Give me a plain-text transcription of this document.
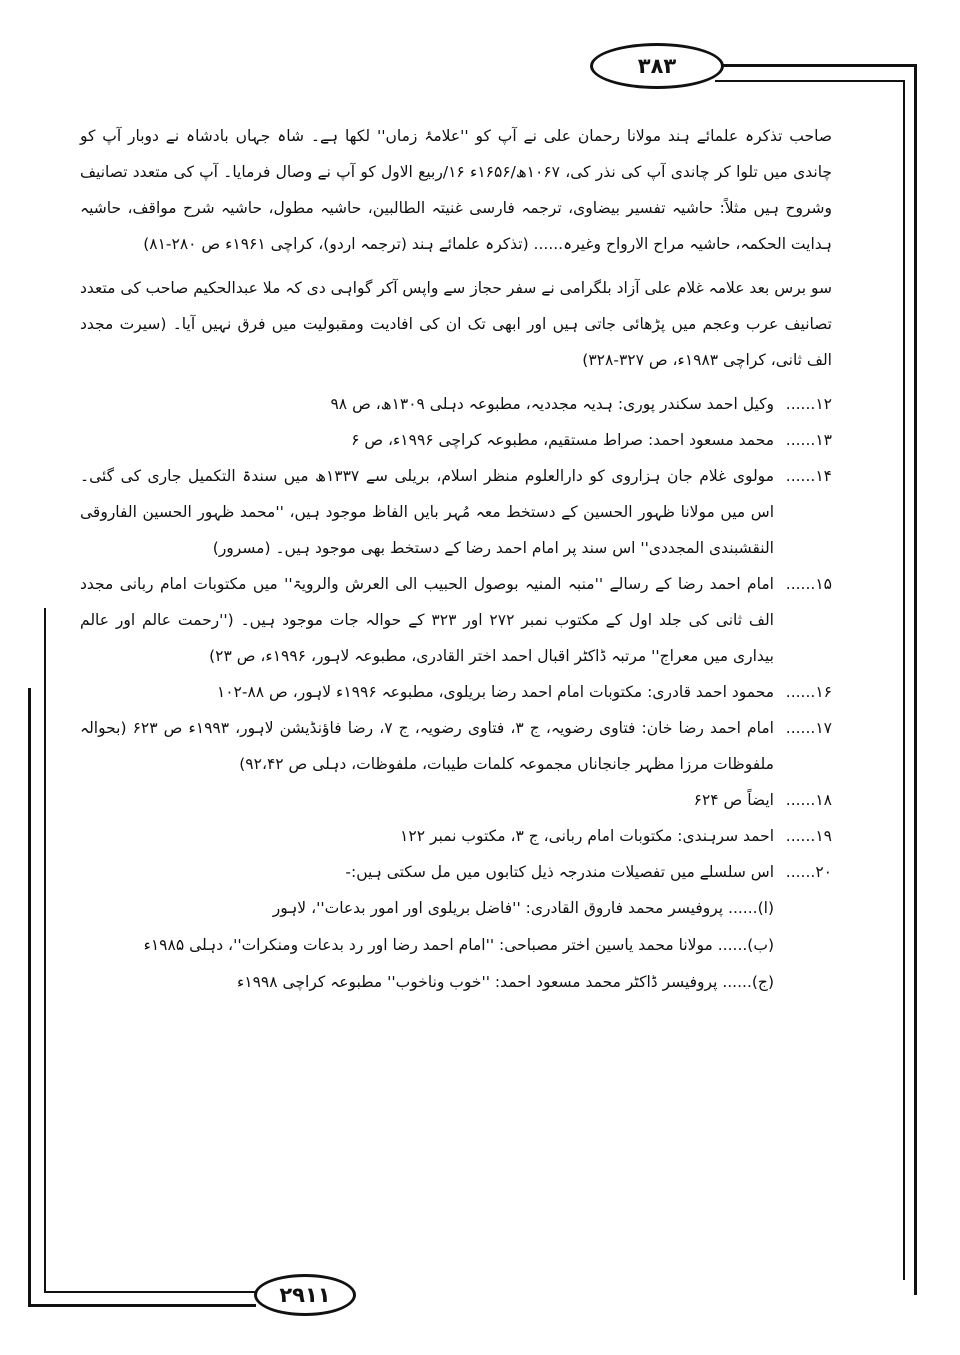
۳۸۳

صاحب تذکرہ علمائے ہند مولانا رحمان علی نے آپ کو ''علامۂ زماں'' لکھا ہے۔ شاہ جہاں بادشاہ نے دوبار آپ کو چاندی میں تلوا کر چاندی آپ کی نذر کی، ۱۰۶۷ھ/۱۶۵۶ء ۱۶/ربیع الاول کو آپ نے وصال فرمایا۔ آپ کی متعدد تصانیف وشروح ہیں مثلاً: حاشیہ تفسیر بیضاوی، ترجمہ فارسی غنیتہ الطالبین، حاشیہ مطول، حاشیہ شرح مواقف، حاشیہ ہدایت الحکمہ، حاشیہ مراح الارواح وغیرہ...... (تذکرہ علمائے ہند (ترجمہ اردو)، کراچی ۱۹۶۱ء ص ۲۸۰-۸۱)

سو برس بعد علامہ غلام علی آزاد بلگرامی نے سفر حجاز سے واپس آکر گواہی دی کہ ملا عبدالحکیم صاحب کی متعدد تصانیف عرب وعجم میں پڑھائی جاتی ہیں اور ابھی تک ان کی افادیت ومقبولیت میں فرق نہیں آیا۔ (سیرت مجدد الف ثانی، کراچی ۱۹۸۳ء، ص ۳۲۷-۳۲۸)

۱۲......
وکیل احمد سکندر پوری: ہدیہ مجددیہ، مطبوعہ دہلی ۱۳۰۹ھ، ص ۹۸
۱۳......
محمد مسعود احمد: صراط مستقیم، مطبوعہ کراچی ۱۹۹۶ء، ص ۶
۱۴......
مولوی غلام جان ہزاروی کو دارالعلوم منظر اسلام، بریلی سے ۱۳۳۷ھ میں سندۃ التکمیل جاری کی گئی۔ اس میں مولانا ظہور الحسین کے دستخط معہ مُہر بایں الفاظ موجود ہیں، ''محمد ظہور الحسین الفاروقی النقشبندی المجددی'' اس سند پر امام احمد رضا کے دستخط بھی موجود ہیں۔ (مسرور)
۱۵......
امام احمد رضا کے رسالے ''منبہ المنیہ بوصول الحبیب الی العرش والرویۃ'' میں مکتوبات امام ربانی مجدد الف ثانی کی جلد اول کے مکتوب نمبر ۲۷۲ اور ۳۲۳ کے حوالہ جات موجود ہیں۔ (''رحمت عالم اور عالم بیداری میں معراج'' مرتبہ ڈاکٹر اقبال احمد اختر القادری، مطبوعہ لاہور، ۱۹۹۶ء، ص ۲۳)
۱۶......
محمود احمد قادری: مکتوبات امام احمد رضا بریلوی، مطبوعہ ۱۹۹۶ء لاہور، ص ۸۸-۱۰۲
۱۷......
امام احمد رضا خان: فتاوی رضویہ، ج ۳، فتاوی رضویہ، ج ۷، رضا فاؤنڈیشن لاہور، ۱۹۹۳ء ص ۶۲۳ (بحوالہ ملفوظات مرزا مظہر جانجاناں مجموعہ کلمات طیبات، ملفوظات، دہلی ص ۹۲،۴۲)
۱۸......
ایضاً ص ۶۲۴
۱۹......
احمد سرہندی: مکتوبات امام ربانی، ج ۳، مکتوب نمبر ۱۲۲
۲۰......
اس سلسلے میں تفصیلات مندرجہ ذیل کتابوں میں مل سکتی ہیں:-
(ا)...... پروفیسر محمد فاروق القادری: ''فاضل بریلوی اور امور بدعات''، لاہور
(ب)...... مولانا محمد یاسین اختر مصباحی: ''امام احمد رضا اور رد بدعات ومنکرات''، دہلی ۱۹۸۵ء
(ج)...... پروفیسر ڈاکٹر محمد مسعود احمد: ''خوب وناخوب'' مطبوعہ کراچی ۱۹۹۸ء
۲۹۱۱
